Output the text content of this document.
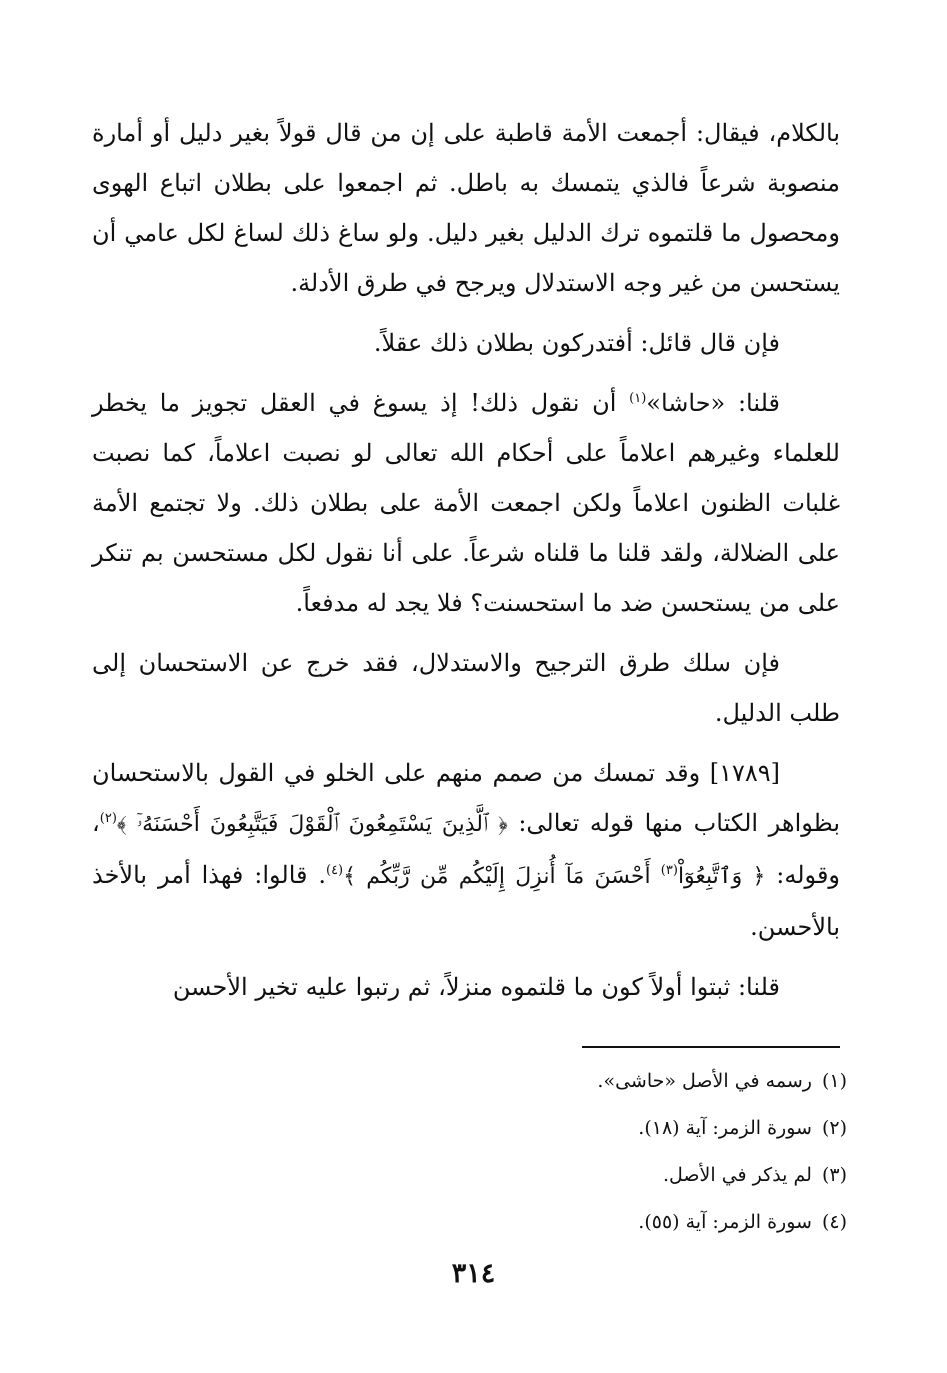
بالكلام، فيقال: أجمعت الأمة قاطبة على إن من قال قولاً بغير دليل أو أمارة منصوبة شرعاً فالذي يتمسك به باطل. ثم اجمعوا على بطلان اتباع الهوى ومحصول ما قلتموه ترك الدليل بغير دليل. ولو ساغ ذلك لساغ لكل عامي أن يستحسن من غير وجه الاستدلال ويرجح في طرق الأدلة.

فإن قال قائل: أفتدركون بطلان ذلك عقلاً.

قلنا: «حاشا»$^{(١)}$ أن نقول ذلك! إذ يسوغ في العقل تجويز ما يخطر للعلماء وغيرهم اعلاماً على أحكام الله تعالى لو نصبت اعلاماً، كما نصبت غلبات الظنون اعلاماً ولكن اجمعت الأمة على بطلان ذلك. ولا تجتمع الأمة على الضلالة، ولقد قلنا ما قلناه شرعاً. على أنا نقول لكل مستحسن بم تنكر على من يستحسن ضد ما استحسنت؟ فلا يجد له مدفعاً.

فإن سلك طرق الترجيح والاستدلال، فقد خرج عن الاستحسان إلى طلب الدليل.

[١٧٨٩] وقد تمسك من صمم منهم على الخلو في القول بالاستحسان بظواهر الكتاب منها قوله تعالى: ﴿ ٱلَّذِينَ يَسْتَمِعُونَ ٱلْقَوْلَ فَيَتَّبِعُونَ أَحْسَنَهُۥٓ ﴾$^{(٢)}$، وقوله: ﴿ وَٱتَّبِعُوٓاْ$^{(٣)}$ أَحْسَنَ مَآ أُنزِلَ إِلَيْكُم مِّن رَّبِّكُم ﴾$^{(٤)}$. قالوا: فهذا أمر بالأخذ بالأحسن.

قلنا: ثبتوا أولاً كون ما قلتموه منزلاً، ثم رتبوا عليه تخير الأحسن

(١)رسمه في الأصل «حاشى».
(٢)سورة الزمر: آية (١٨).
(٣)لم يذكر في الأصل.
(٤)سورة الزمر: آية (٥٥).
٣١٤
